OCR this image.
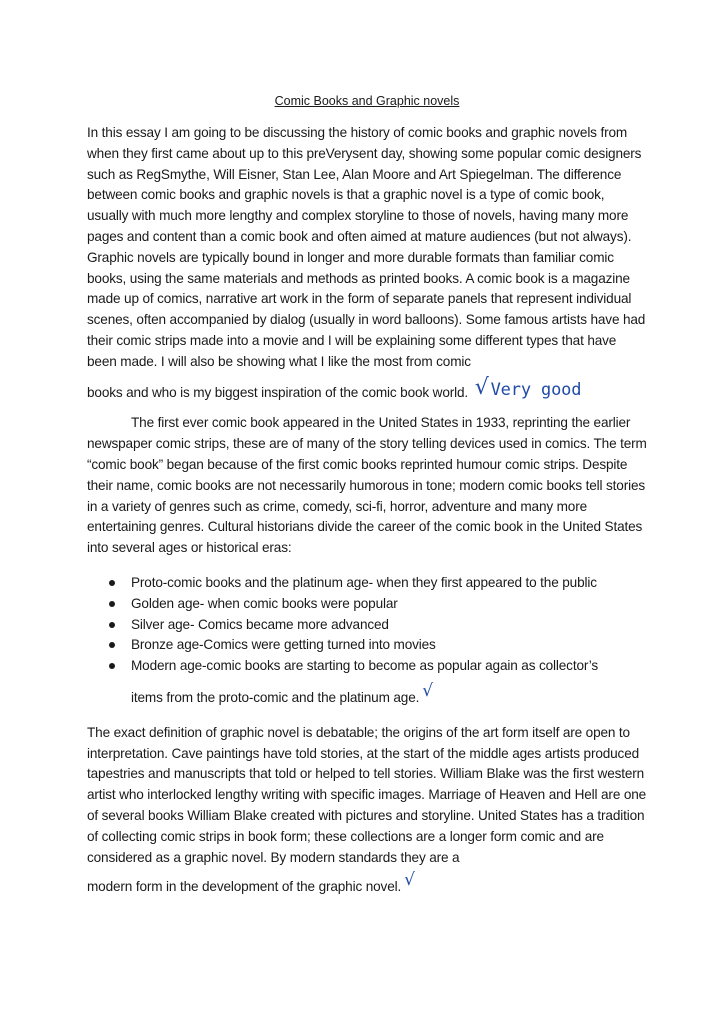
Comic Books and Graphic novels

In this essay I am going to be discussing the history of comic books and graphic novels from when they first came about up to this preVerysent day, showing some popular comic designers such as RegSmythe, Will Eisner, Stan Lee, Alan Moore and Art Spiegelman. The difference between comic books and graphic novels is that a graphic novel is a type of comic book, usually with much more lengthy and complex storyline to those of novels, having many more pages and content than a comic book and often aimed at mature audiences (but not always). Graphic novels are typically bound in longer and more durable formats than familiar comic books, using the same materials and methods as printed books. A comic book is a magazine made up of comics, narrative art work in the form of separate panels that represent individual scenes, often accompanied by dialog (usually in word balloons). Some famous artists have had their comic strips made into a movie and I will be explaining some different types that have been made. I will also be showing what I like the most from comic books and who is my biggest inspiration of the comic book world. √ Very good

The first ever comic book appeared in the United States in 1933, reprinting the earlier newspaper comic strips, these are of many of the story telling devices used in comics. The term “comic book” began because of the first comic books reprinted humour comic strips. Despite their name, comic books are not necessarily humorous in tone; modern comic books tell stories in a variety of genres such as crime, comedy, sci-fi, horror, adventure and many more entertaining genres. Cultural historians divide the career of the comic book in the United States into several ages or historical eras:

Proto-comic books and the platinum age- when they first appeared to the public
Golden age- when comic books were popular
Silver age- Comics became more advanced
Bronze age-Comics were getting turned into movies
Modern age-comic books are starting to become as popular again as collector’s
items from the proto-comic and the platinum age. √

The exact definition of graphic novel is debatable; the origins of the art form itself are open to interpretation. Cave paintings have told stories, at the start of the middle ages artists produced tapestries and manuscripts that told or helped to tell stories. William Blake was the first western artist who interlocked lengthy writing with specific images. Marriage of Heaven and Hell are one of several books William Blake created with pictures and storyline. United States has a tradition of collecting comic strips in book form; these collections are a longer form comic and are considered as a graphic novel. By modern standards they are a modern form in the development of the graphic novel. √
